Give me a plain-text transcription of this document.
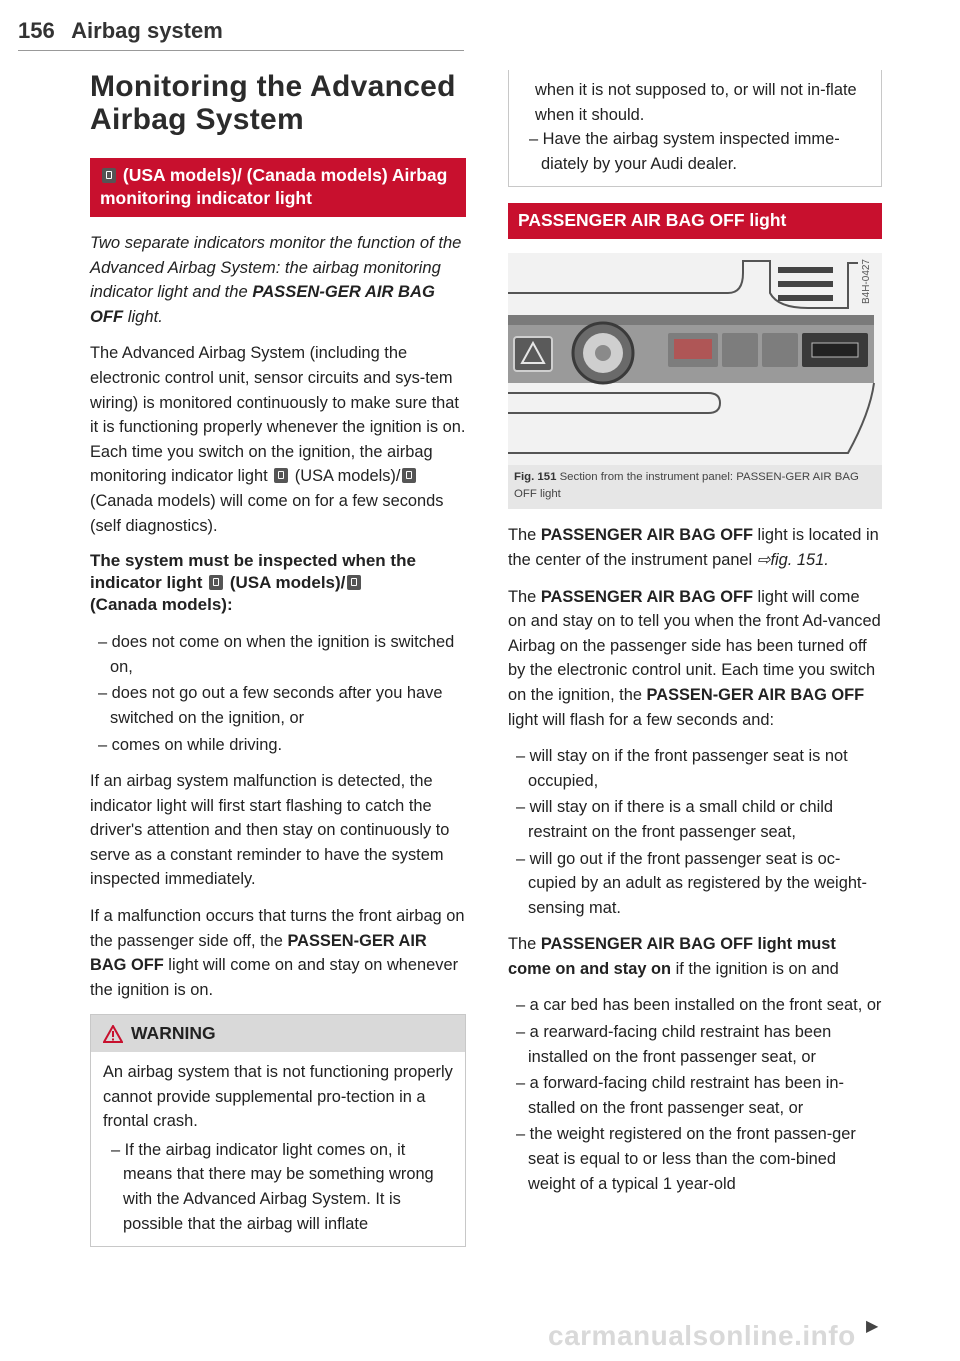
156 Airbag system
Monitoring the Advanced Airbag System
(USA models)/ (Canada models) Airbag monitoring indicator light

Two separate indicators monitor the function of the Advanced Airbag System: the airbag monitoring indicator light and the PASSEN-GER AIR BAG OFF light.

The Advanced Airbag System (including the electronic control unit, sensor circuits and sys-tem wiring) is monitored continuously to make sure that it is functioning properly whenever the ignition is on. Each time you switch on the ignition, the airbag monitoring indicator light  (USA models)/ (Canada models) will come on for a few seconds (self diagnostics).

The system must be inspected when the indicator light  (USA models)/
(Canada models):
– does not come on when the ignition is switched on,
– does not go out a few seconds after you have switched on the ignition, or
– comes on while driving.

If an airbag system malfunction is detected, the indicator light will first start flashing to catch the driver's attention and then stay on continuously to serve as a constant reminder to have the system inspected immediately.

If a malfunction occurs that turns the front airbag on the passenger side off, the PASSEN-GER AIR BAG OFF light will come on and stay on whenever the ignition is on.

WARNING
An airbag system that is not functioning properly cannot provide supplemental pro-tection in a frontal crash.
– If the airbag indicator light comes on, it means that there may be something wrong with the Advanced Airbag System. It is possible that the airbag will inflate
when it is not supposed to, or will not in-flate when it should.
– Have the airbag system inspected imme-diately by your Audi dealer.
PASSENGER AIR BAG OFF light
B4H-0427
Fig. 151 Section from the instrument panel: PASSEN-GER AIR BAG OFF light

The PASSENGER AIR BAG OFF light is located in the center of the instrument panel ⇨fig. 151.

The PASSENGER AIR BAG OFF light will come on and stay on to tell you when the front Ad-vanced Airbag on the passenger side has been turned off by the electronic control unit. Each time you switch on the ignition, the PASSEN-GER AIR BAG OFF light will flash for a few seconds and:

– will stay on if the front passenger seat is not occupied,
– will stay on if there is a small child or child restraint on the front passenger seat,
– will go out if the front passenger seat is oc-cupied by an adult as registered by the weight-sensing mat.

The PASSENGER AIR BAG OFF light must come on and stay on if the ignition is on and

– a car bed has been installed on the front seat, or
– a rearward-facing child restraint has been installed on the front passenger seat, or
– a forward-facing child restraint has been in-stalled on the front passenger seat, or
– the weight registered on the front passen-ger seat is equal to or less than the com-bined weight of a typical 1 year-old
▶
carmanualsonline.info
